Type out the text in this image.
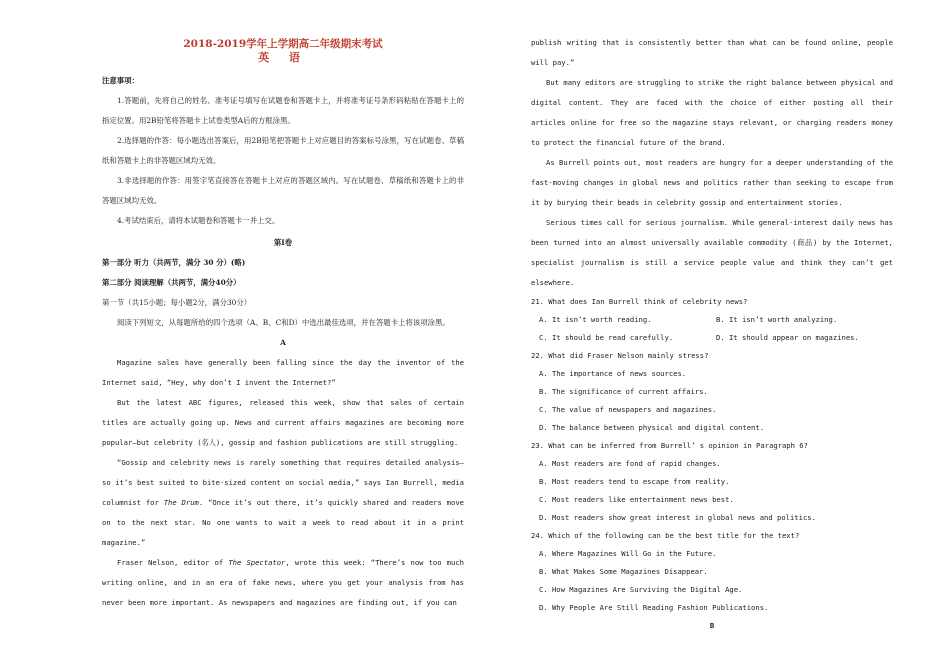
2018-2019学年上学期高二年级期末考试
英 语
注意事项：
1.答题前，先将自己的姓名、准考证号填写在试题卷和答题卡上，并将准考证号条形码粘贴在答题卡上的指定位置。用2B铅笔将答题卡上试卷类型A后的方框涂黑。
2.选择题的作答：每小题选出答案后，用2B铅笔把答题卡上对应题目的答案标号涂黑，写在试题卷、草稿纸和答题卡上的非答题区域均无效。
3.非选择题的作答：用签字笔直接答在答题卡上对应的答题区域内。写在试题卷、草稿纸和答题卡上的非答题区域均无效。
4.考试结束后，请将本试题卷和答题卡一并上交。
第Ⅰ卷
第一部分 听力（共两节，满分 30 分）(略)
第二部分 阅读理解（共两节，满分40分）
第一节（共15小题；每小题2分，满分30分）
阅读下列短文，从每题所给的四个选项（A、B、C和D）中选出最佳选项，并在答题卡上将该项涂黑。
A
Magazine sales have generally been falling since the day the inventor of the Internet said, “Hey, why don’t I invent the Internet?”
But the latest ABC figures, released this week, show that sales of certain titles are actually going up. News and current affairs magazines are becoming more popular—but celebrity (名人), gossip and fashion publications are still struggling.
“Gossip and celebrity news is rarely something that requires detailed analysis—so it’s best suited to bite-sized content on social media,” says Ian Burrell, media columnist for The Drum. “Once it’s out there, it’s quickly shared and readers move on to the next star. No one wants to wait a week to read about it in a print magazine.”
Fraser Nelson, editor of The Spectator, wrote this week: “There’s now too much writing online, and in an era of fake news, where you get your analysis from has never been more important. As newspapers and magazines are finding out, if you can
publish writing that is consistently better than what can be found online, people will pay.”
But many editors are struggling to strike the right balance between physical and digital content. They are faced with the choice of either posting all their articles online for free so the magazine stays relevant, or charging readers money to protect the financial future of the brand.
As Burrell points out, most readers are hungry for a deeper understanding of the fast-moving changes in global news and politics rather than seeking to escape from it by burying their beads in celebrity gossip and entertainment stories.
Serious times call for serious journalism. While general-interest daily news has been turned into an almost universally available commodity (商品) by the Internet, specialist journalism is still a service people value and think they can’t get elsewhere.
21. What does Ian Burrell think of celebrity news?
A. It isn’t worth reading.	B. It isn’t worth analyzing.
C. It should be read carefully.	D. It should appear on magazines.
22. What did Fraser Nelson mainly stress?
A. The importance of news sources.
B. The significance of current affairs.
C. The value of newspapers and magazines.
D. The balance between physical and digital content.
23. What can be inferred from Burrell’ s opinion in Paragraph 6?
A. Most readers are fond of rapid changes.
B. Most readers tend to escape from reality.
C. Most readers like entertainment news best.
D. Most readers show great interest in global news and politics.
24. Which of the following can be the best title for the text?
A. Where Magazines Will Go in the Future.
B. What Makes Some Magazines Disappear.
C. How Magazines Are Surviving the Digital Age.
D. Why People Are Still Reading Fashion Publications.
B
